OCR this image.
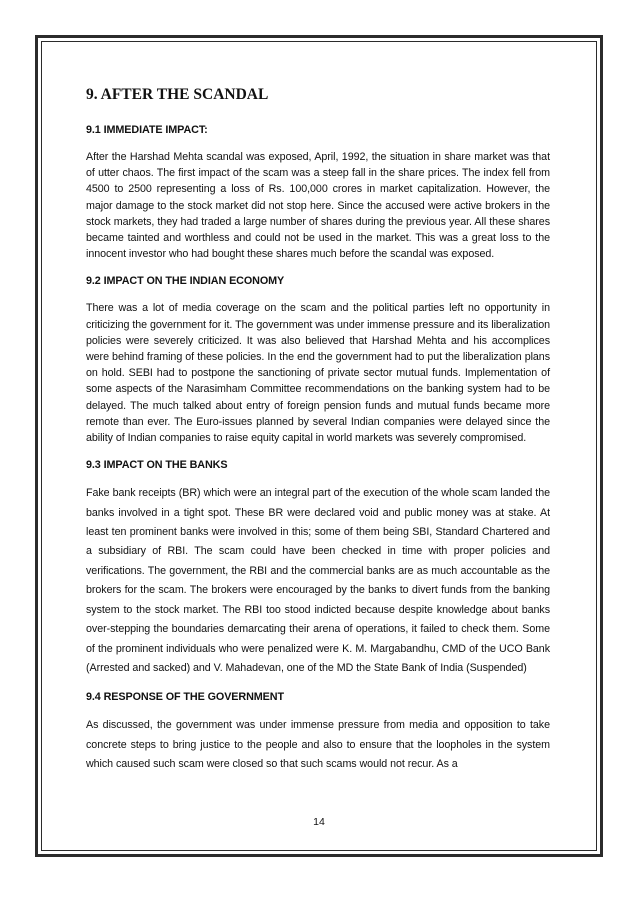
9. AFTER THE SCANDAL
9.1 IMMEDIATE IMPACT:

After the Harshad Mehta scandal was exposed, April, 1992, the situation in share market was that of utter chaos. The first impact of the scam was a steep fall in the share prices. The index fell from 4500 to 2500 representing a loss of Rs. 100,000 crores in market capitalization. However, the major damage to the stock market did not stop here. Since the accused were active brokers in the stock markets, they had traded a large number of shares during the previous year. All these shares became tainted and worthless and could not be used in the market. This was a great loss to the innocent investor who had bought these shares much before the scandal was exposed.

9.2 IMPACT ON THE INDIAN ECONOMY

There was a lot of media coverage on the scam and the political parties left no opportunity in criticizing the government for it. The government was under immense pressure and its liberalization policies were severely criticized. It was also believed that Harshad Mehta and his accomplices were behind framing of these policies. In the end the government had to put the liberalization plans on hold. SEBI had to postpone the sanctioning of private sector mutual funds. Implementation of some aspects of the Narasimham Committee recommendations on the banking system had to be delayed. The much talked about entry of foreign pension funds and mutual funds became more remote than ever. The Euro-issues planned by several Indian companies were delayed since the ability of Indian companies to raise equity capital in world markets was severely compromised.

9.3 IMPACT ON THE BANKS

Fake bank receipts (BR) which were an integral part of the execution of the whole scam landed the banks involved in a tight spot. These BR were declared void and public money was at stake. At least ten prominent banks were involved in this; some of them being SBI, Standard Chartered and a subsidiary of RBI. The scam could have been checked in time with proper policies and verifications. The government, the RBI and the commercial banks are as much accountable as the brokers for the scam. The brokers were encouraged by the banks to divert funds from the banking system to the stock market. The RBI too stood indicted because despite knowledge about banks over-stepping the boundaries demarcating their arena of operations, it failed to check them. Some of the prominent individuals who were penalized were K. M. Margabandhu, CMD of the UCO Bank (Arrested and sacked) and V. Mahadevan, one of the MD the State Bank of India (Suspended)

9.4 RESPONSE OF THE GOVERNMENT

As discussed, the government was under immense pressure from media and opposition to take concrete steps to bring justice to the people and also to ensure that the loopholes in the system which caused such scam were closed so that such scams would not recur. As a

14
